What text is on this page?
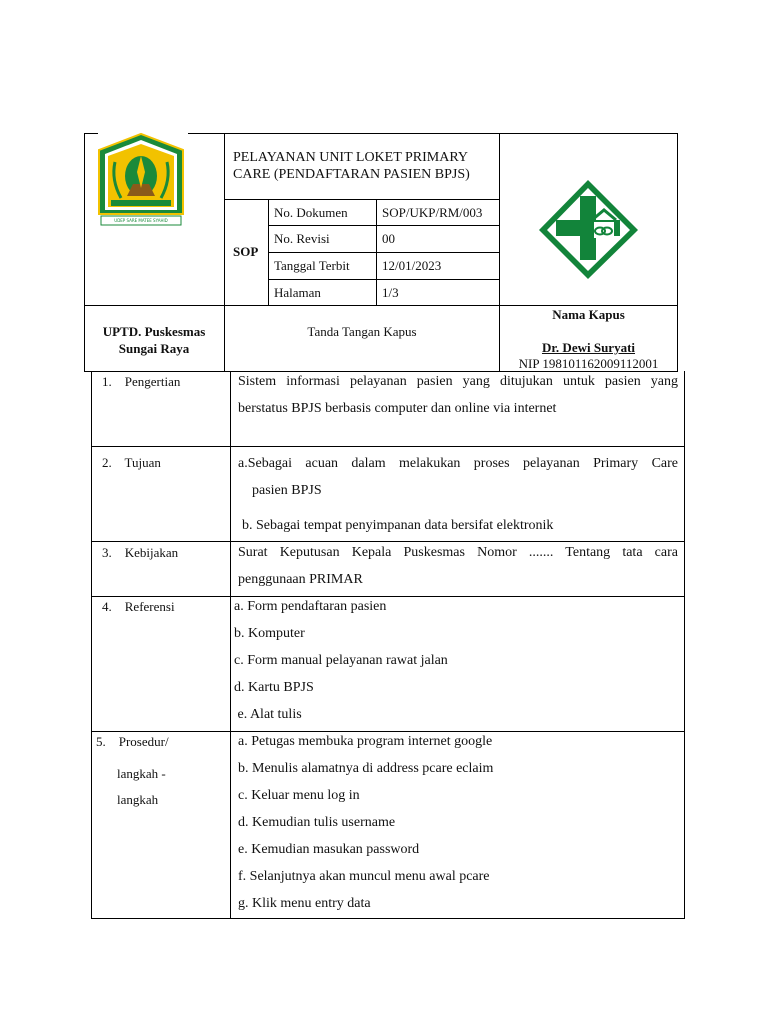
UDEP SARE MATEE SYAHID
PELAYANAN UNIT LOKET PRIMARY
CARE (PENDAFTARAN PASIEN BPJS)
SOP
No. Dokumen	SOP/UKP/RM/003
No. Revisi	00
Tanggal Terbit 12/01/2023
Halaman	1/3
UPTD. Puskesmas
Sungai Raya
Tanda Tangan Kapus
Nama Kapus
Dr. Dewi Suryati
NIP 198101162009112001
1.    Pengertian	Sistem informasi pelayanan pasien yang ditujukan untuk pasien yang
berstatus BPJS berbasis computer dan online via internet
2.    Tujuan	a.Sebagai acuan dalam melakukan proses pelayanan Primary Care
pasien BPJS
b. Sebagai tempat penyimpanan data bersifat elektronik
3.    Kebijakan	Surat Keputusan Kepala Puskesmas Nomor ....... Tentang tata cara
penggunaan PRIMAR
4.    Referensi	a. Form pendaftaran pasien
b. Komputer
c. Form manual pelayanan rawat jalan
d. Kartu BPJS
e. Alat tulis
5.    Prosedur/
langkah -
langkah
a. Petugas membuka program internet google
b. Menulis alamatnya di address pcare eclaim
c. Keluar menu log in
d. Kemudian tulis username
e. Kemudian masukan password
f. Selanjutnya akan muncul menu awal pcare
g. Klik menu entry data
